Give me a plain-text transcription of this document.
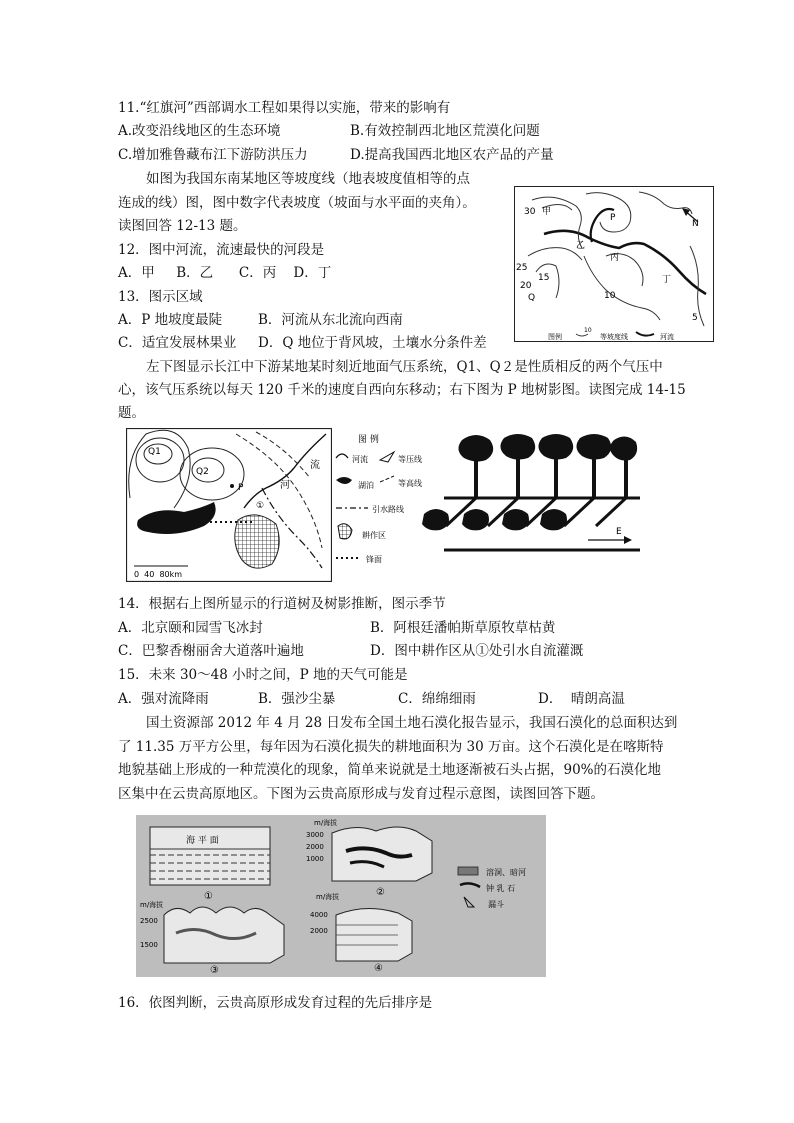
11.“红旗河”西部调水工程如果得以实施，带来的影响有
A.改变沿线地区的生态环境	B.有效控制西北地区荒漠化问题
C.增加雅鲁藏布江下游防洪压力	D.提高我国西北地区农产品的产量
如图为我国东南某地区等坡度线（地表坡度值相等的点
连成的线）图，图中数字代表坡度（坡面与水平面的夹角）。
读图回答 12-13 题。
12．图中河流，流速最快的河段是
A．甲     B．乙      C．丙    D．丁
13．图示区域
A．P 地坡度最陡	B．河流从东北流向西南
C．适宜发展林果业 D．Q 地位于背风坡，土壤水分条件差
30 甲
P
N
乙
丙
25
15
20
Q	10
丁
5
图例
10
等坡度线	河流
左下图显示长江中下游某地某时刻近地面气压系统，Q1、Q２是性质相反的两个气压中
心，该气压系统以每天 120 千米的速度自西向东移动；右下图为 P 地树影图。读图完成 14-15
题。
Q1
Q2
P
流
河
①
0  40  80km
图 例
河流	等压线
湖泊	等高线
引水路线
耕作区
锋面
E
14．根据右上图所显示的行道树及树影推断，图示季节
A．北京颐和园雪飞冰封	B．阿根廷潘帕斯草原牧草枯黄
C．巴黎香榭丽舍大道落叶遍地	D．图中耕作区从①处引水自流灌溉
15．未来 30～48 小时之间，P 地的天气可能是
A．强对流降雨	B．强沙尘暴	C．绵绵细雨	D．  晴朗高温
国土资源部 2012 年 4 月 28 日发布全国土地石漠化报告显示，我国石漠化的总面积达到
了 11.35 万平方公里，每年因为石漠化损失的耕地面积为 30 万亩。这个石漠化是在喀斯特
地貌基础上形成的一种荒漠化的现象，简单来说就是土地逐渐被石头占据，90%的石漠化地
区集中在云贵高原地区。下图为云贵高原形成与发育过程示意图，读图回答下题。
海 平 面
①
m/海拔
3000
2000
1000
②
m/海拔
2500
1500
③
m/海拔
4000
2000
④
溶洞、暗河
钟 乳 石
漏斗
16．依图判断，云贵高原形成发育过程的先后排序是
